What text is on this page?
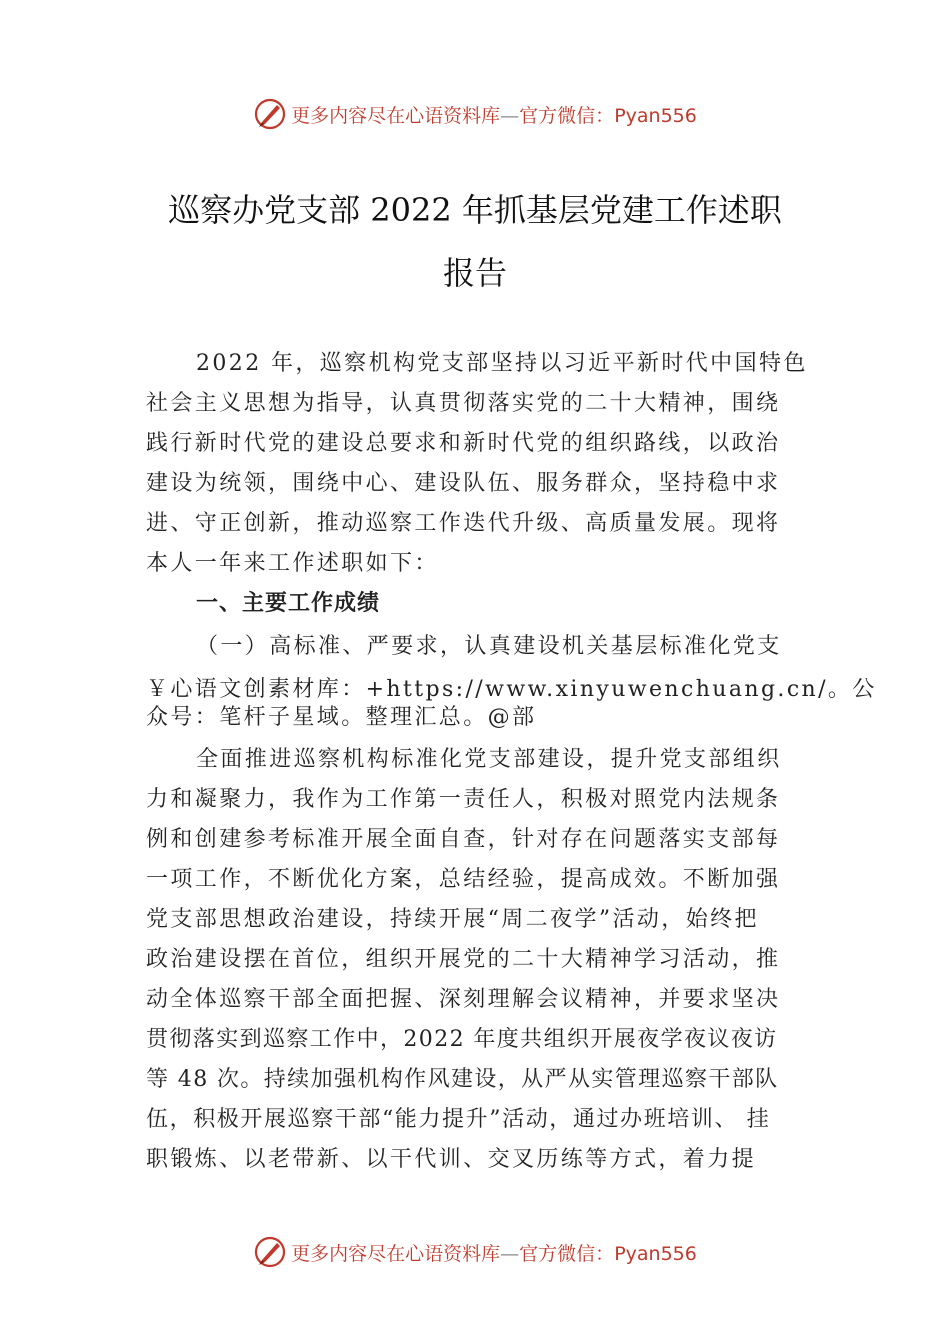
更多内容尽在心语资料库—官方微信：Pyan556
巡察办党支部 2022 年抓基层党建工作述职
报告
2022 年，巡察机构党支部坚持以习近平新时代中国特色
社会主义思想为指导，认真贯彻落实党的二十大精神，围绕
践行新时代党的建设总要求和新时代党的组织路线，以政治
建设为统领，围绕中心、建设队伍、服务群众，坚持稳中求
进、守正创新，推动巡察工作迭代升级、高质量发展。现将
本人一年来工作述职如下：
一、主要工作成绩
（一）高标准、严要求，认真建设机关基层标准化党支
￥心语文创素材库：+https://www.xinyuwenchuang.cn/。公
众号：笔杆子星域。整理汇总。@部
全面推进巡察机构标准化党支部建设，提升党支部组织
力和凝聚力，我作为工作第一责任人，积极对照党内法规条
例和创建参考标准开展全面自查，针对存在问题落实支部每
一项工作，不断优化方案，总结经验，提高成效。不断加强
党支部思想政治建设，持续开展“周二夜学”活动，始终把
政治建设摆在首位，组织开展党的二十大精神学习活动，推
动全体巡察干部全面把握、深刻理解会议精神，并要求坚决
贯彻落实到巡察工作中，2022 年度共组织开展夜学夜议夜访
等 48 次。持续加强机构作风建设，从严从实管理巡察干部队
伍，积极开展巡察干部“能力提升”活动，通过办班培训、 挂
职锻炼、以老带新、以干代训、交叉历练等方式，着力提
更多内容尽在心语资料库—官方微信：Pyan556
